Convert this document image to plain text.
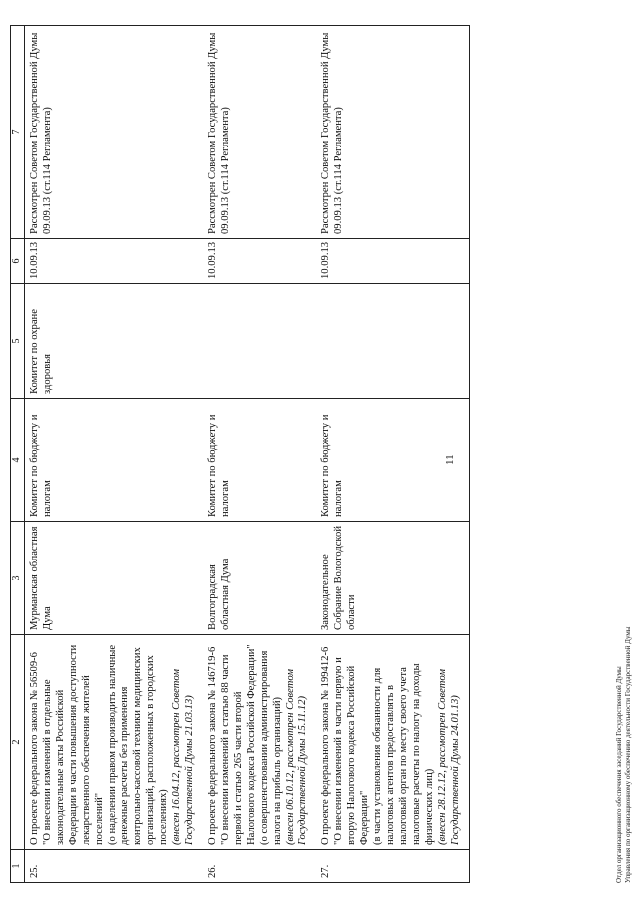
11
1	2	3	4	5	6	7
25.	О проекте федерального закона № 56509-6 "О внесении изменений в отдельные законодательные акты Российской Федерации в части повышения доступности лекарственного обеспечения жителей поселений" (о наделении правом производить наличные денежные расчеты без применения контрольно-кассовой техники медицинских организаций, расположенных в городских поселениях) (внесен 16.04.12, рассмотрен Советом Государственной Думы 21.03.13)	Мурманская областная Дума	Комитет по бюджету и налогам	Комитет по охране здоровья	10.09.13	Рассмотрен Советом Государственной Думы 09.09.13 (ст.114 Регламента)
26.	О проекте федерального закона № 146719-6 "О внесении изменений в статью 88 части первой и статью 265 части второй Налогового кодекса Российской Федерации" (о совершенствовании администрирования налога на прибыль организаций) (внесен 06.10.12, рассмотрен Советом Государственной Думы 15.11.12)	Волгоградская областная Дума	Комитет по бюджету и налогам		10.09.13	Рассмотрен Советом Государственной Думы 09.09.13 (ст.114 Регламента)
27.	О проекте федерального закона № 199412-6 "О внесении изменений в части первую и вторую Налогового кодекса Российской Федерации" (в части установления обязанности для налоговых агентов предоставлять в налоговый орган по месту своего учета налоговые расчеты по налогу на доходы физических лиц) (внесен 28.12.12, рассмотрен Советом Государственной Думы 24.01.13)	Законодательное Собрание Вологодской области	Комитет по бюджету и налогам		10.09.13	Рассмотрен Советом Государственной Думы 09.09.13 (ст.114 Регламента)
Отдел организационного обеспечения заседаний Государственной Думы Управления по организационному обеспечению деятельности Государственной Думы
